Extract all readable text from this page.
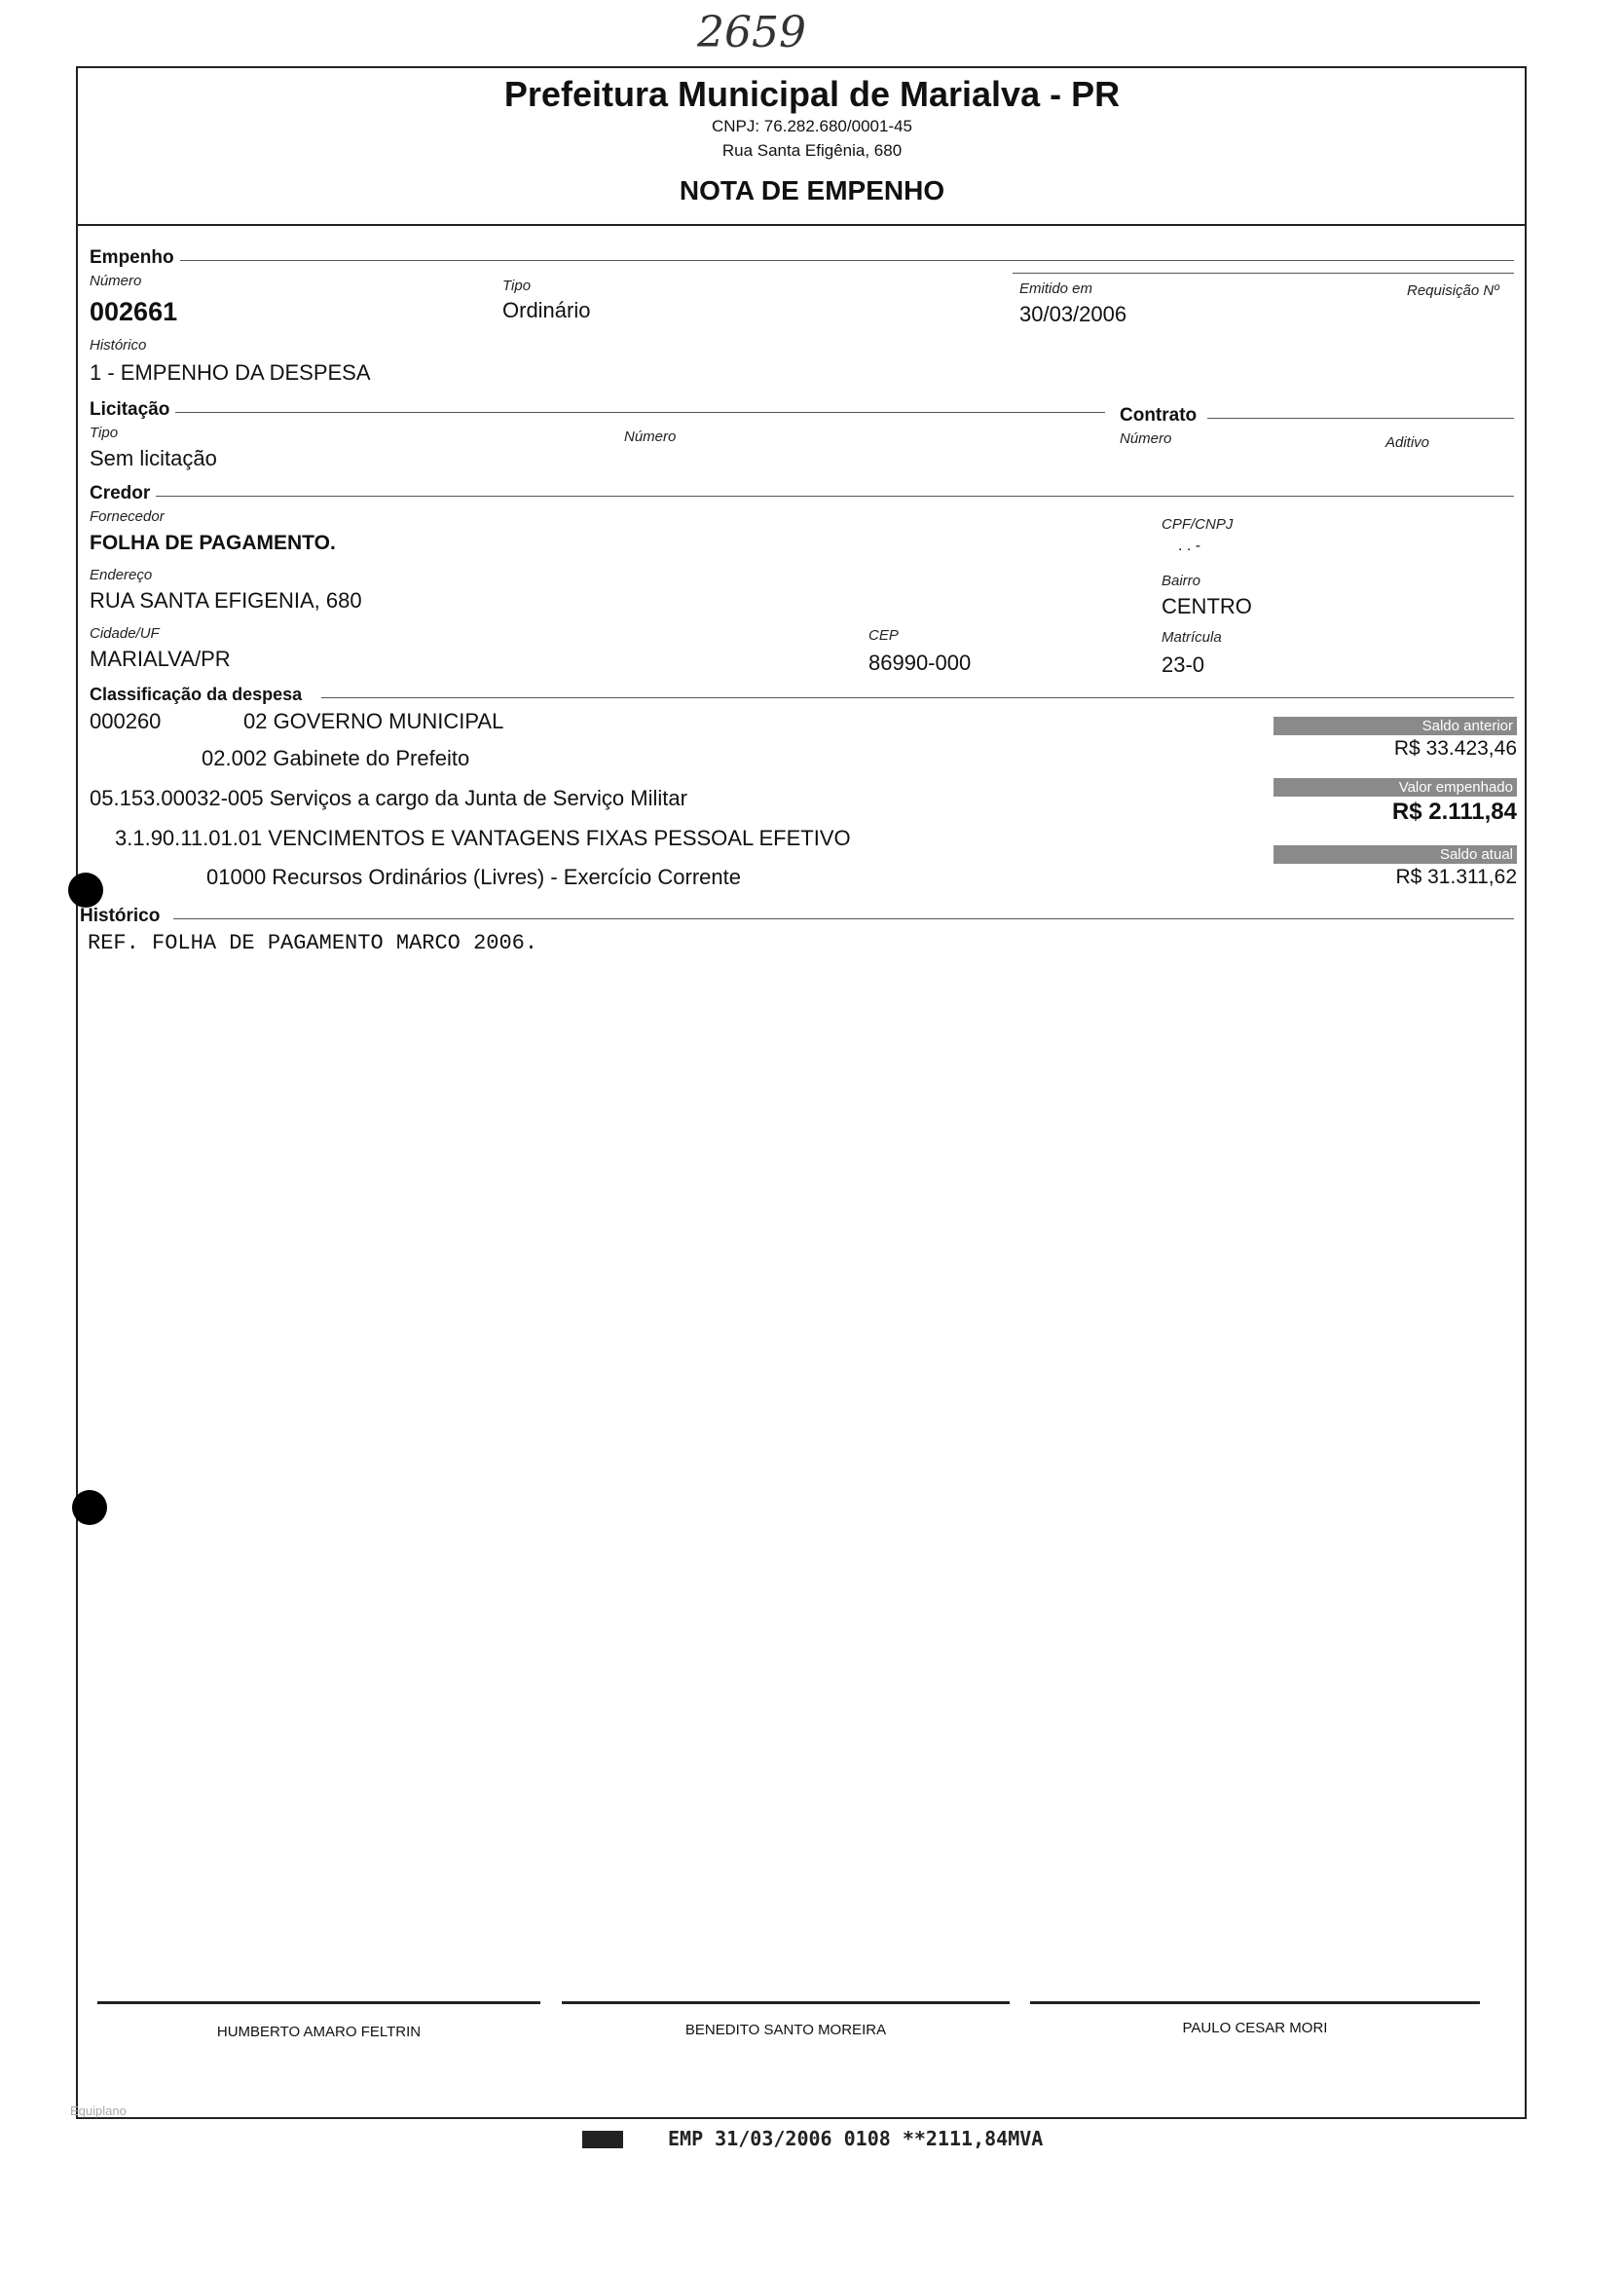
2659
Prefeitura Municipal de Marialva - PR
CNPJ: 76.282.680/0001-45
Rua Santa Efigênia, 680
NOTA DE EMPENHO
Empenho
Número
002661
Tipo
Ordinário
Emitido em
30/03/2006
Requisição Nº
Histórico
1 - EMPENHO DA DESPESA
Licitação	Contrato
Tipo
Sem licitação
Número	Número	Aditivo
Credor
Fornecedor
FOLHA DE PAGAMENTO.
CPF/CNPJ
. . -
Endereço
RUA SANTA EFIGENIA, 680
Bairro
CENTRO
Cidade/UF
MARIALVA/PR
CEP
86990-000
Matrícula
23-0
Classificação da despesa
000260	02 GOVERNO MUNICIPAL
02.002 Gabinete do Prefeito
05.153.00032-005 Serviços a cargo da Junta de Serviço Militar
3.1.90.11.01.01 VENCIMENTOS E VANTAGENS FIXAS PESSOAL EFETIVO
01000 Recursos Ordinários (Livres) - Exercício Corrente
Saldo anterior
R$ 33.423,46
Valor empenhado
R$ 2.111,84
Saldo atual
R$ 31.311,62
Histórico
REF. FOLHA DE PAGAMENTO MARCO 2006.
HUMBERTO AMARO FELTRIN	BENEDITO SANTO MOREIRA	PAULO CESAR MORI
Equiplano
EMP 31/03/2006 0108 **2111,84MVA
